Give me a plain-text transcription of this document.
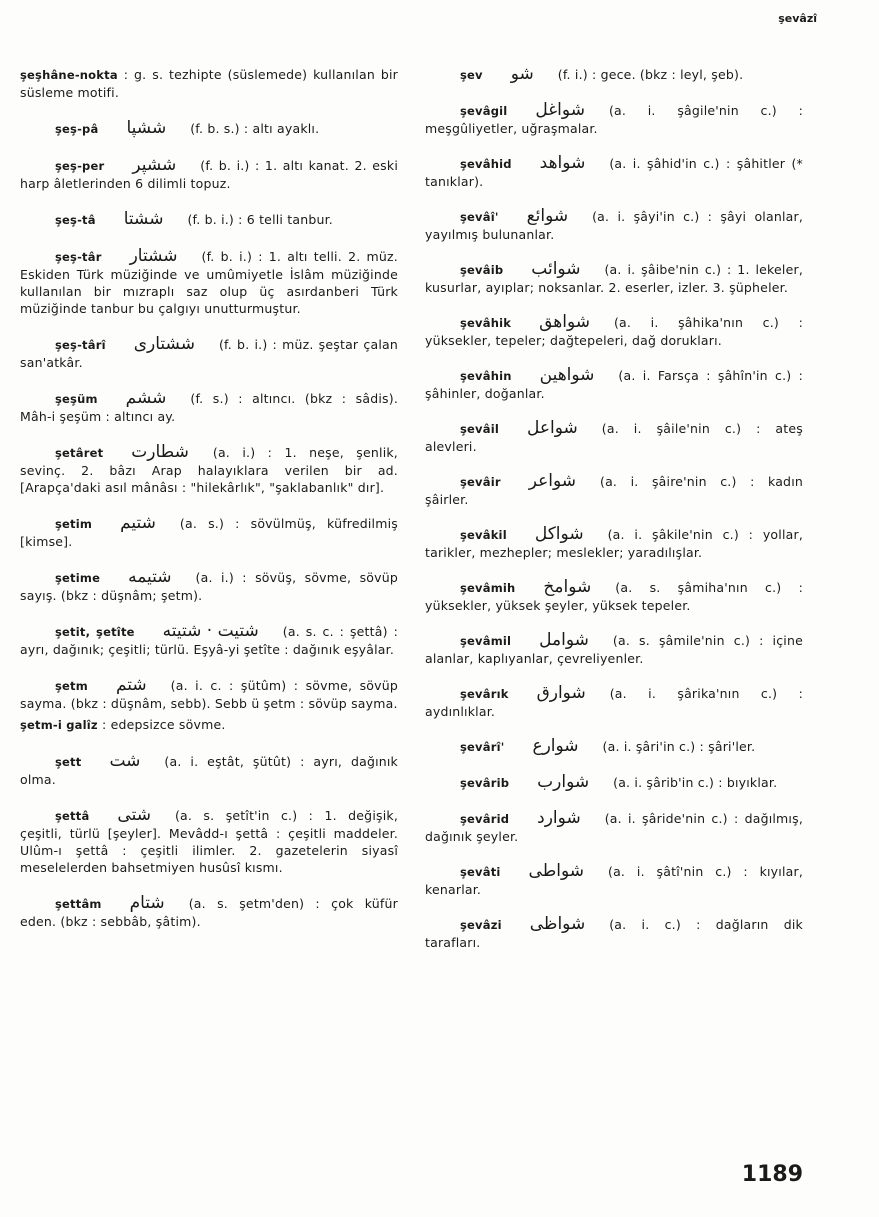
şevâzî
şeşhâne-nokta : g. s. tezhipte (süslemede) kullanılan bir süsleme motifi.
şeş-pâ ششپا (f. b. s.) : altı ayaklı.
şeş-per ششپر (f. b. i.) : 1. altı kanat. 2. eski harp âletlerinden 6 dilimli topuz.
şeş-tâ ششتا (f. b. i.) : 6 telli tanbur.
şeş-târ ششتار (f. b. i.) : 1. altı telli. 2. müz. Eskiden Türk müziğinde ve umûmiyetle İslâm müziğinde kullanılan bir mızraplı saz olup üç asırdanberi Türk müziğinde tanbur bu çalgıyı unutturmuştur.
şeş-târî ششتاری (f. b. i.) : müz. şeştar çalan san'atkâr.
şeşüm ششم (f. s.) : altıncı. (bkz : sâdis). Mâh-i şeşüm : altıncı ay.
şetâret شطارت (a. i.) : 1. neşe, şenlik, sevinç. 2. bâzı Arap halayıklara verilen bir ad. [Arapça'daki asıl mânâsı : "hilekârlık", "şaklabanlık" dır].
şetim شتیم (a. s.) : sövülmüş, küfredilmiş [kimse].
şetime شتیمه (a. i.) : sövüş, sövme, sövüp sayış. (bkz : düşnâm; şetm).
şetit, şetîte شتیت · شتیته (a. s. c. : şettâ) : ayrı, dağınık; çeşitli; türlü. Eşyâ-yi şetîte : dağınık eşyâlar.
şetm شتم (a. i. c. : şütûm) : sövme, sövüp sayma. (bkz : düşnâm, sebb). Sebb ü şetm : sövüp sayma.
şetm-i galîz : edepsizce sövme.
şett شت (a. i. eştât, şütût) : ayrı, dağınık olma.
şettâ شتی (a. s. şetît'in c.) : 1. değişik, çeşitli, türlü [şeyler]. Mevâdd-ı şettâ : çeşitli maddeler. Ulûm-ı şettâ : çeşitli ilimler. 2. gazetelerin siyasî meselelerden bahsetmiyen husûsî kısmı.
şettâm شتام (a. s. şetm'den) : çok küfür eden. (bkz : sebbâb, şâtim).
şev شو (f. i.) : gece. (bkz : leyl, şeb).
şevâgil شواغل (a. i. şâgile'nin c.) : meşgûliyetler, uğraşmalar.
şevâhid شواهد (a. i. şâhid'in c.) : şâhitler (* tanıklar).
şevâî' شوائع (a. i. şâyi'in c.) : şâyi olanlar, yayılmış bulunanlar.
şevâib شوائب (a. i. şâibe'nin c.) : 1. lekeler, kusurlar, ayıplar; noksanlar. 2. eserler, izler. 3. şüpheler.
şevâhik شواهق (a. i. şâhika'nın c.) : yüksekler, tepeler; dağtepeleri, dağ dorukları.
şevâhin شواهین (a. i. Farsça : şâhîn'in c.) : şâhinler, doğanlar.
şevâil شواعل (a. i. şâile'nin c.) : ateş alevleri.
şevâir شواعر (a. i. şâire'nin c.) : kadın şâirler.
şevâkil شواكل (a. i. şâkile'nin c.) : yollar, tarikler, mezhepler; meslekler; yaradılışlar.
şevâmih شوامخ (a. s. şâmiha'nın c.) : yüksekler, yüksek şeyler, yüksek tepeler.
şevâmil شوامل (a. s. şâmile'nin c.) : içine alanlar, kaplıyanlar, çevreliyenler.
şevârık شوارق (a. i. şârika'nın c.) : aydınlıklar.
şevârî' شوارع (a. i. şâri'in c.) : şâri'ler.
şevârib شوارب (a. i. şârib'in c.) : bıyıklar.
şevârid شوارد (a. i. şâride'nin c.) : dağılmış, dağınık şeyler.
şevâti شواطی (a. i. şâtî'nin c.) : kıyılar, kenarlar.
şevâzi شواظی (a. i. c.) : dağların dik tarafları.
1189
